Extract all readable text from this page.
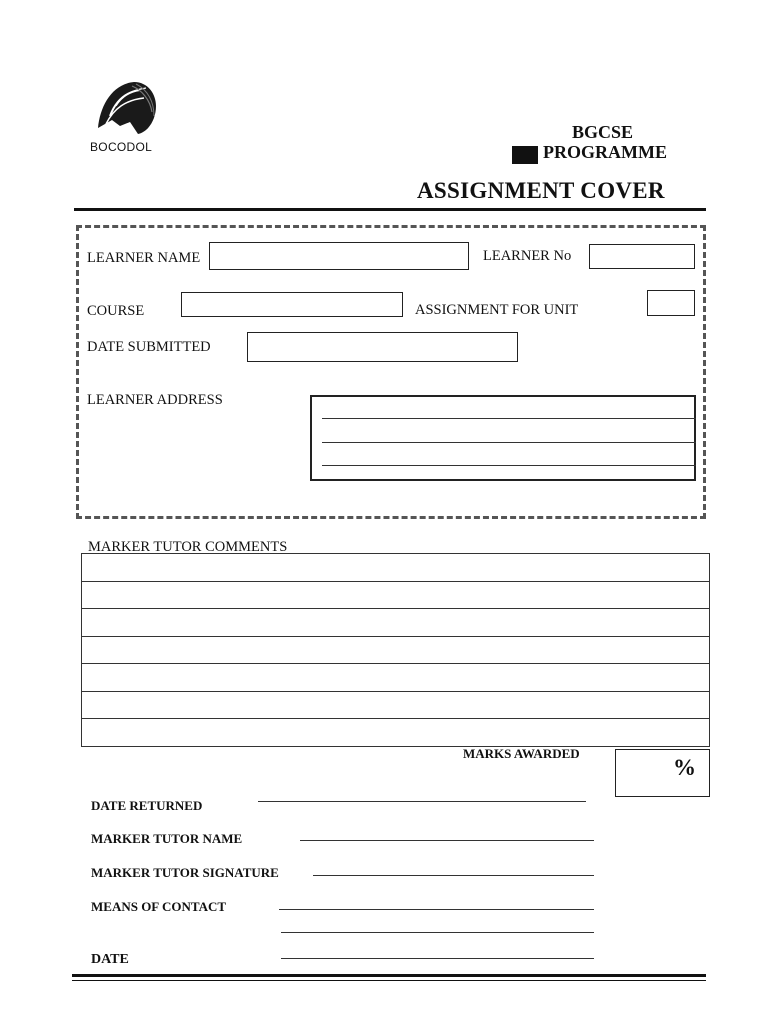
BOCODOL
BGCSE
PROGRAMME
ASSIGNMENT COVER
LEARNER NAME	LEARNER No
COURSE	ASSIGNMENT FOR UNIT
DATE SUBMITTED
LEARNER ADDRESS
MARKER TUTOR COMMENTS

MARKS AWARDED
%
DATE RETURNED
MARKER TUTOR NAME
MARKER TUTOR SIGNATURE
MEANS OF CONTACT
DATE
